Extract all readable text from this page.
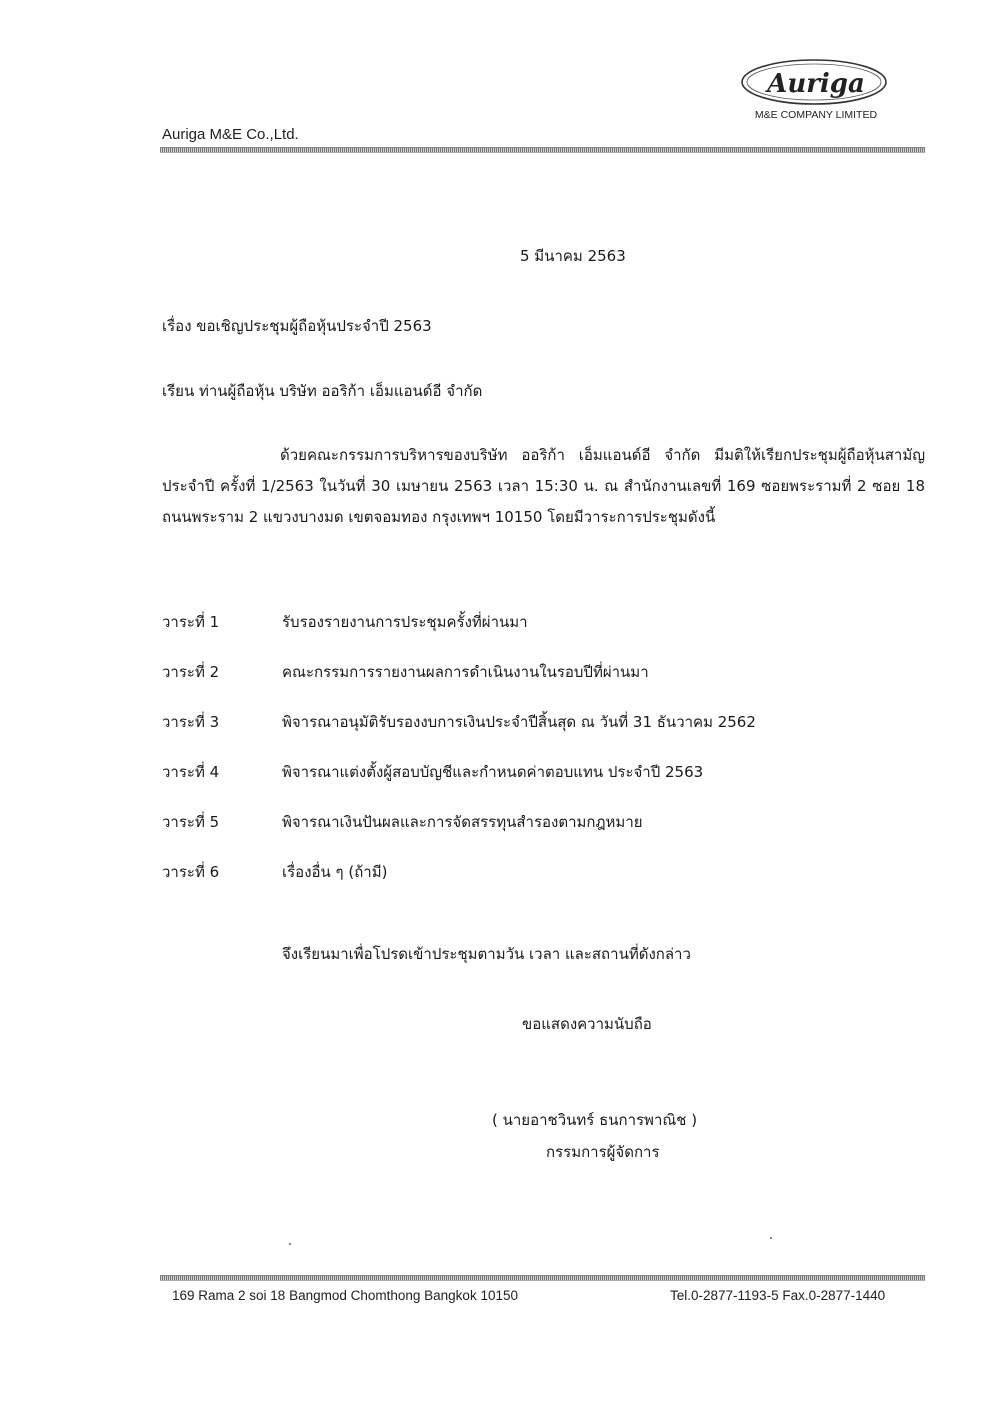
Auriga
M&E COMPANY LIMITED
Auriga M&E Co.,Ltd.
5 มีนาคม 2563
เรื่อง ขอเชิญประชุมผู้ถือหุ้นประจำปี 2563
เรียน ท่านผู้ถือหุ้น บริษัท ออริก้า เอ็มแอนด์อี จำกัด
ด้วยคณะกรรมการบริหารของบริษัท ออริก้า เอ็มแอนด์อี จำกัด มีมติให้เรียกประชุมผู้ถือหุ้นสามัญประจำปี ครั้งที่ 1/2563 ในวันที่ 30 เมษายน 2563 เวลา 15:30 น. ณ สำนักงานเลขที่ 169 ซอยพระรามที่ 2 ซอย 18 ถนนพระราม 2 แขวงบางมด เขตจอมทอง กรุงเทพฯ 10150 โดยมีวาระการประชุมดังนี้
วาระที่ 1	รับรองรายงานการประชุมครั้งที่ผ่านมา
วาระที่ 2	คณะกรรมการรายงานผลการดำเนินงานในรอบปีที่ผ่านมา
วาระที่ 3	พิจารณาอนุมัติรับรองงบการเงินประจำปีสิ้นสุด ณ วันที่ 31 ธันวาคม 2562
วาระที่ 4	พิจารณาแต่งตั้งผู้สอบบัญชีและกำหนดค่าตอบแทน ประจำปี 2563
วาระที่ 5	พิจารณาเงินปันผลและการจัดสรรทุนสำรองตามกฎหมาย
วาระที่ 6	เรื่องอื่น ๆ (ถ้ามี)
จึงเรียนมาเพื่อโปรดเข้าประชุมตามวัน เวลา และสถานที่ดังกล่าว
ขอแสดงความนับถือ
( นายอาชวินทร์ ธนการพาณิช )
กรรมการผู้จัดการ
169 Rama 2 soi 18 Bangmod Chomthong Bangkok 10150	Tel.0-2877-1193-5 Fax.0-2877-1440
